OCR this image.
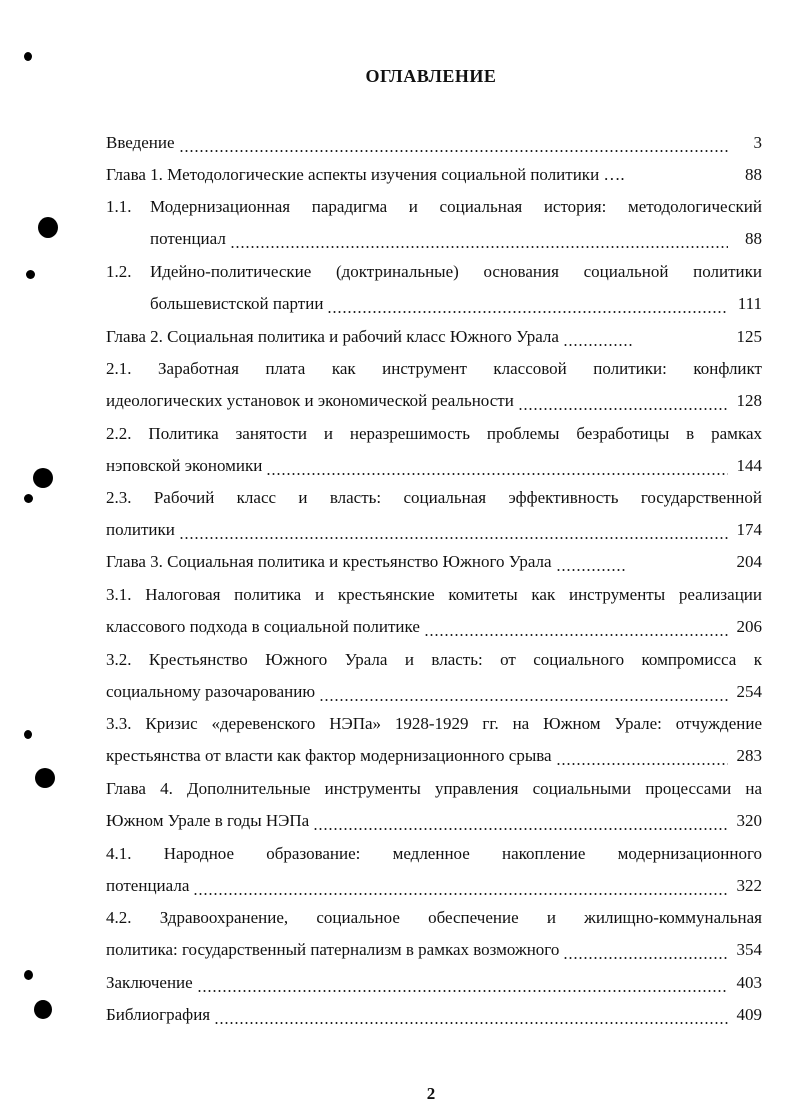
ОГЛАВЛЕНИЕ
Введение	3
Глава 1. Методологические аспекты изучения социальной политики ….	88
1.1. Модернизационная парадигма и социальная история: методологический
потенциал	88
1.2. Идейно-политические (доктринальные) основания социальной политики
большевистской партии	111
Глава 2. Социальная политика и рабочий класс Южного Урала	125
2.1. Заработная плата как инструмент классовой политики: конфликт
идеологических установок и экономической реальности	128
2.2. Политика занятости и неразрешимость проблемы безработицы в рамках
нэповской экономики	144
2.3. Рабочий класс и власть: социальная эффективность государственной
политики	174
Глава 3. Социальная политика и крестьянство Южного Урала	204
3.1. Налоговая политика и крестьянские комитеты как инструменты реализации
классового подхода в социальной политике	206
3.2. Крестьянство Южного Урала и власть: от социального компромисса к
социальному разочарованию	254
3.3. Кризис «деревенского НЭПа» 1928-1929 гг. на Южном Урале: отчуждение
крестьянства от власти как фактор модернизационного срыва	283
Глава 4. Дополнительные инструменты управления социальными процессами на
Южном Урале в годы НЭПа	320
4.1. Народное образование: медленное накопление модернизационного
потенциала	322
4.2. Здравоохранение, социальное обеспечение и жилищно-коммунальная
политика: государственный патернализм в рамках возможного	354
Заключение	403
Библиография	409
2
